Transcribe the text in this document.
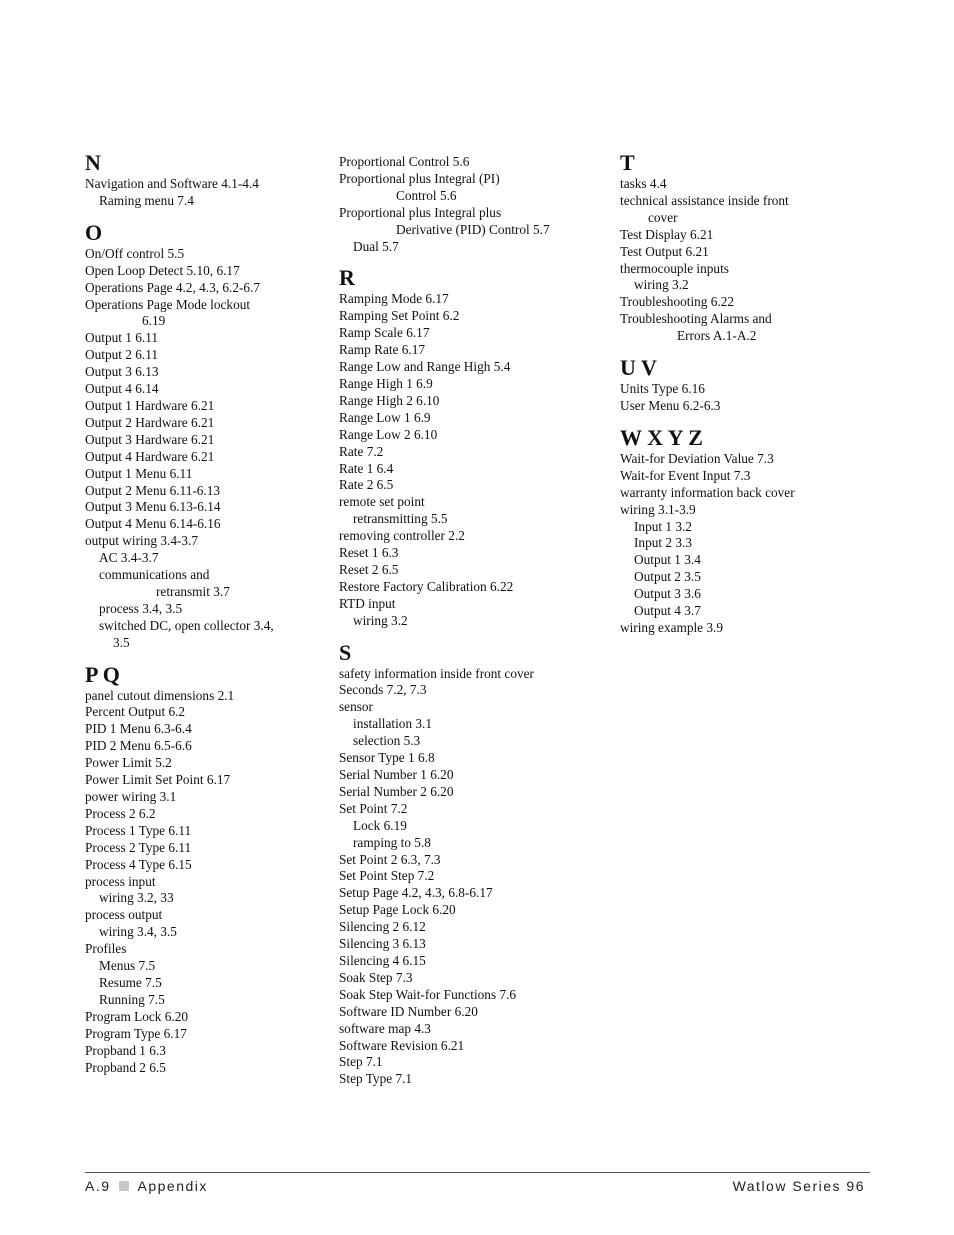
N
Navigation and Software 4.1-4.4
Raming menu 7.4
O
On/Off control 5.5
Open Loop Detect 5.10, 6.17
Operations Page 4.2, 4.3, 6.2-6.7
Operations Page Mode lockout
6.19
Output 1 6.11
Output 2 6.11
Output 3 6.13
Output 4 6.14
Output 1 Hardware 6.21
Output 2 Hardware 6.21
Output 3 Hardware 6.21
Output 4 Hardware 6.21
Output 1 Menu 6.11
Output 2 Menu 6.11-6.13
Output 3 Menu 6.13-6.14
Output 4 Menu 6.14-6.16
output wiring 3.4-3.7
AC 3.4-3.7
communications and
retransmit 3.7
process 3.4, 3.5
switched DC, open collector 3.4,
3.5
P Q
panel cutout dimensions 2.1
Percent Output 6.2
PID 1 Menu 6.3-6.4
PID 2 Menu 6.5-6.6
Power Limit 5.2
Power Limit Set Point 6.17
power wiring 3.1
Process 2 6.2
Process 1 Type 6.11
Process 2 Type 6.11
Process 4 Type 6.15
process input
wiring 3.2, 33
process output
wiring 3.4, 3.5
Profiles
Menus 7.5
Resume 7.5
Running 7.5
Program Lock 6.20
Program Type 6.17
Propband 1 6.3
Propband 2 6.5
Proportional Control 5.6
Proportional plus Integral (PI)
Control 5.6
Proportional plus Integral plus
Derivative (PID) Control 5.7
Dual 5.7
R
Ramping Mode 6.17
Ramping Set Point 6.2
Ramp Scale 6.17
Ramp Rate 6.17
Range Low and Range High 5.4
Range High 1 6.9
Range High 2 6.10
Range Low 1 6.9
Range Low 2 6.10
Rate 7.2
Rate 1 6.4
Rate 2 6.5
remote set point
retransmitting 5.5
removing controller 2.2
Reset 1 6.3
Reset 2 6.5
Restore Factory Calibration 6.22
RTD input
wiring 3.2
S
safety information inside front cover
Seconds 7.2, 7.3
sensor
installation 3.1
selection 5.3
Sensor Type 1 6.8
Serial Number 1 6.20
Serial Number 2 6.20
Set Point 7.2
Lock 6.19
ramping to 5.8
Set Point 2 6.3, 7.3
Set Point Step 7.2
Setup Page 4.2, 4.3, 6.8-6.17
Setup Page Lock 6.20
Silencing 2 6.12
Silencing 3 6.13
Silencing 4 6.15
Soak Step 7.3
Soak Step Wait-for Functions 7.6
Software ID Number 6.20
software map 4.3
Software Revision 6.21
Step 7.1
Step Type 7.1
T
tasks 4.4
technical assistance inside front
cover
Test Display 6.21
Test Output 6.21
thermocouple inputs
wiring 3.2
Troubleshooting 6.22
Troubleshooting Alarms and
Errors A.1-A.2
U V
Units Type 6.16
User Menu 6.2-6.3
W X Y Z
Wait-for Deviation Value 7.3
Wait-for Event Input 7.3
warranty information back cover
wiring 3.1-3.9
Input 1 3.2
Input 2 3.3
Output 1 3.4
Output 2 3.5
Output 3 3.6
Output 4 3.7
wiring example 3.9
A.9 Appendix	Watlow Series 96
